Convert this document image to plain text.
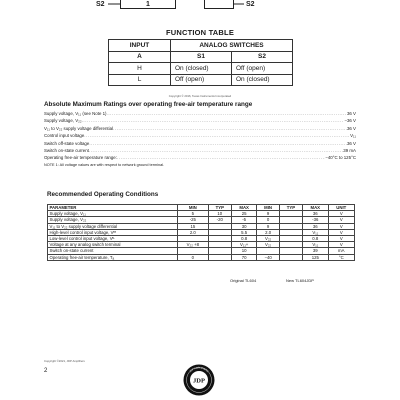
S2	1	S2
FUNCTION TABLE
INPUT	ANALOG SWITCHES	
A	S1	S2
H	On (closed)	Off (open)
L	Off (open)	On (closed)
Copyright © 2016, Texas Instruments Incorporated
Absolute Maximum Ratings over operating free-air temperature range
Supply voltage, V₁₁ (see Note 1) .....	36 V
Supply voltage, V₂₂ .....	−36 V
V₁₁ to V₂₂ supply voltage differential .....	36 V
Control input voltage .....	V₁₁
Switch off-state voltage .....	36 V
Switch on-state current .....	39 mA
Operating free-air temperature range: .....	−40°C to 125°C
NOTE 1: All voltage values are with respect to network ground terminal.
Recommended Operating Conditions
PARAMETER	MIN	TYP	MAX	MIN	TYP	MAX	UNIT
Supply voltage, V₁₁	5	10	25	9		36	V
Supply voltage, V₂₂	-25	-20	-5	0		-36	V
V₁₁ to V₂₂ supply voltage differential	15		30	9		36	V
High-level control input voltage, Vᴵᴴ	2.0		5.5	2.0		V₁₁	V
Low-level control input voltage, Vᴵᴸ			0.8	V₂₂		0.8	V
Voltage at any analog switch terminal	V₂₂ +8		V₁₁+	V₂₂		V₁₁	V
Switch on-state current			10			39	mA
Operating free-air temperature, Tₐ	0		70	−40		125	°C
Original TL604	New TL604JDP
Copyright ©2021, JDP Amplifiers
2
JDP
JDP AMPLIFIERS
